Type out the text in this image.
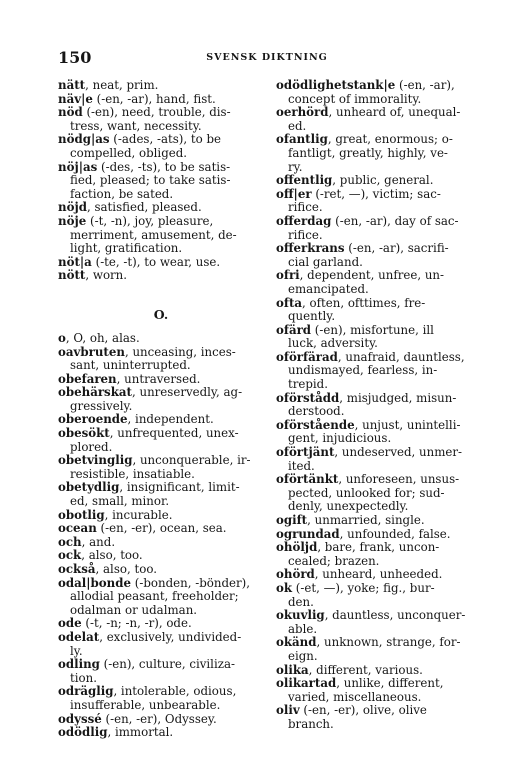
150	SVENSK DIKTNING
nätt, neat, prim.
näv|e (-en, -ar), hand, fist.
nöd (-en), need, trouble, dis-
tress, want, necessity.
nödg|as (-ades, -ats), to be
compelled, obliged.
nöj|as (-des, -ts), to be satis-
fied, pleased; to take satis-
faction, be sated.
nöjd, satisfied, pleased.
nöje (-t, -n), joy, pleasure,
merriment, amusement, de-
light, gratification.
nöt|a (-te, -t), to wear, use.
nött, worn.
O.
o, O, oh, alas.
oavbruten, unceasing, inces-
sant, uninterrupted.
obefaren, untraversed.
obehärskat, unreservedly, ag-
gressively.
oberoende, independent.
obesökt, unfrequented, unex-
plored.
obetvinglig, unconquerable, ir-
resistible, insatiable.
obetydlig, insignificant, limit-
ed, small, minor.
obotlig, incurable.
ocean (-en, -er), ocean, sea.
och, and.
ock, also, too.
också, also, too.
odal|bonde (-bonden, -bönder),
allodial peasant, freeholder;
odalman or udalman.
ode (-t, -n; -n, -r), ode.
odelat, exclusively, undivided-
ly.
odling (-en), culture, civiliza-
tion.
odräglig, intolerable, odious,
insufferable, unbearable.
odyssé (-en, -er), Odyssey.
odödlig, immortal.
odödlighetstank|e (-en, -ar),
concept of immorality.
oerhörd, unheard of, unequal-
ed.
ofantlig, great, enormous; o-
fantligt, greatly, highly, ve-
ry.
offentlig, public, general.
off|er (-ret, —), victim; sac-
rifice.
offerdag (-en, -ar), day of sac-
rifice.
offerkrans (-en, -ar), sacrifi-
cial garland.
ofri, dependent, unfree, un-
emancipated.
ofta, often, ofttimes, fre-
quently.
ofärd (-en), misfortune, ill
luck, adversity.
oförfärad, unafraid, dauntless,
undismayed, fearless, in-
trepid.
oförstådd, misjudged, misun-
derstood.
oförstående, unjust, unintelli-
gent, injudicious.
oförtjänt, undeserved, unmer-
ited.
oförtänkt, unforeseen, unsus-
pected, unlooked for; sud-
denly, unexpectedly.
ogift, unmarried, single.
ogrundad, unfounded, false.
ohöljd, bare, frank, uncon-
cealed; brazen.
ohörd, unheard, unheeded.
ok (-et, —), yoke; fig., bur-
den.
okuvlig, dauntless, unconquer-
able.
okänd, unknown, strange, for-
eign.
olika, different, various.
olikartad, unlike, different,
varied, miscellaneous.
oliv (-en, -er), olive, olive
branch.
